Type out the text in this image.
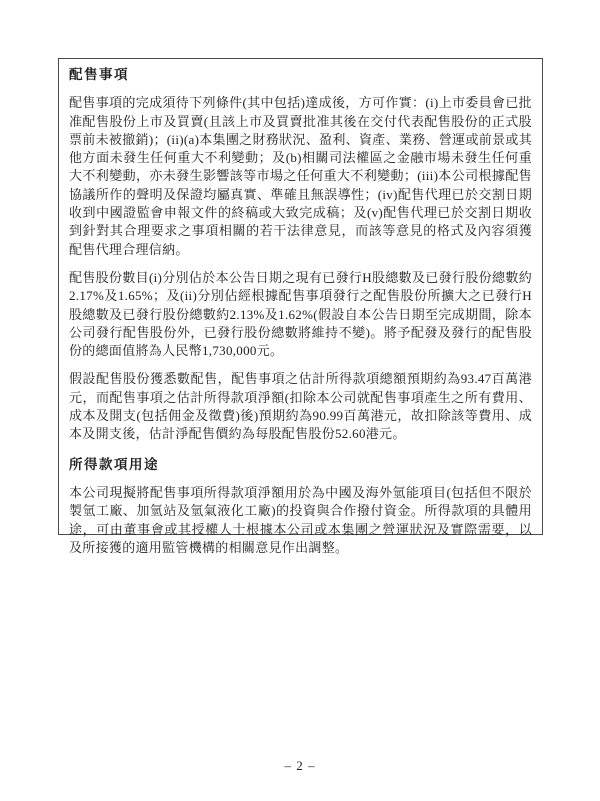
配售事項

配售事項的完成須待下列條件(其中包括)達成後，方可作實：(i)上市委員會已批准配售股份上市及買賣(且該上市及買賣批准其後在交付代表配售股份的正式股票前未被撤銷)；(ii)(a)本集團之財務狀況、盈利、資產、業務、營運或前景或其他方面未發生任何重大不利變動；及(b)相關司法權區之金融市場未發生任何重大不利變動，亦未發生影響該等市場之任何重大不利變動；(iii)本公司根據配售協議所作的聲明及保證均屬真實、準確且無誤導性；(iv)配售代理已於交割日期收到中國證監會申報文件的終稿或大致完成稿；及(v)配售代理已於交割日期收到針對其合理要求之事項相關的若干法律意見，而該等意見的格式及內容須獲配售代理合理信納。

配售股份數目(i)分別佔於本公告日期之現有已發行H股總數及已發行股份總數約2.17%及1.65%；及(ii)分別佔經根據配售事項發行之配售股份所擴大之已發行H股總數及已發行股份總數約2.13%及1.62%(假設自本公告日期至完成期間，除本公司發行配售股份外，已發行股份總數將維持不變)。將予配發及發行的配售股份的總面值將為人民幣1,730,000元。

假設配售股份獲悉數配售，配售事項之估計所得款項總額預期約為93.47百萬港元，而配售事項之估計所得款項淨額(扣除本公司就配售事項產生之所有費用、成本及開支(包括佣金及徵費)後)預期約為90.99百萬港元，故扣除該等費用、成本及開支後，估計淨配售價約為每股配售股份52.60港元。

所得款項用途

本公司現擬將配售事項所得款項淨額用於為中國及海外氫能項目(包括但不限於製氫工廠、加氫站及氫氣液化工廠)的投資與合作撥付資金。所得款項的具體用途，可由董事會或其授權人士根據本公司或本集團之營運狀況及實際需要，以及所接獲的適用監管機構的相關意見作出調整。

– 2 –
